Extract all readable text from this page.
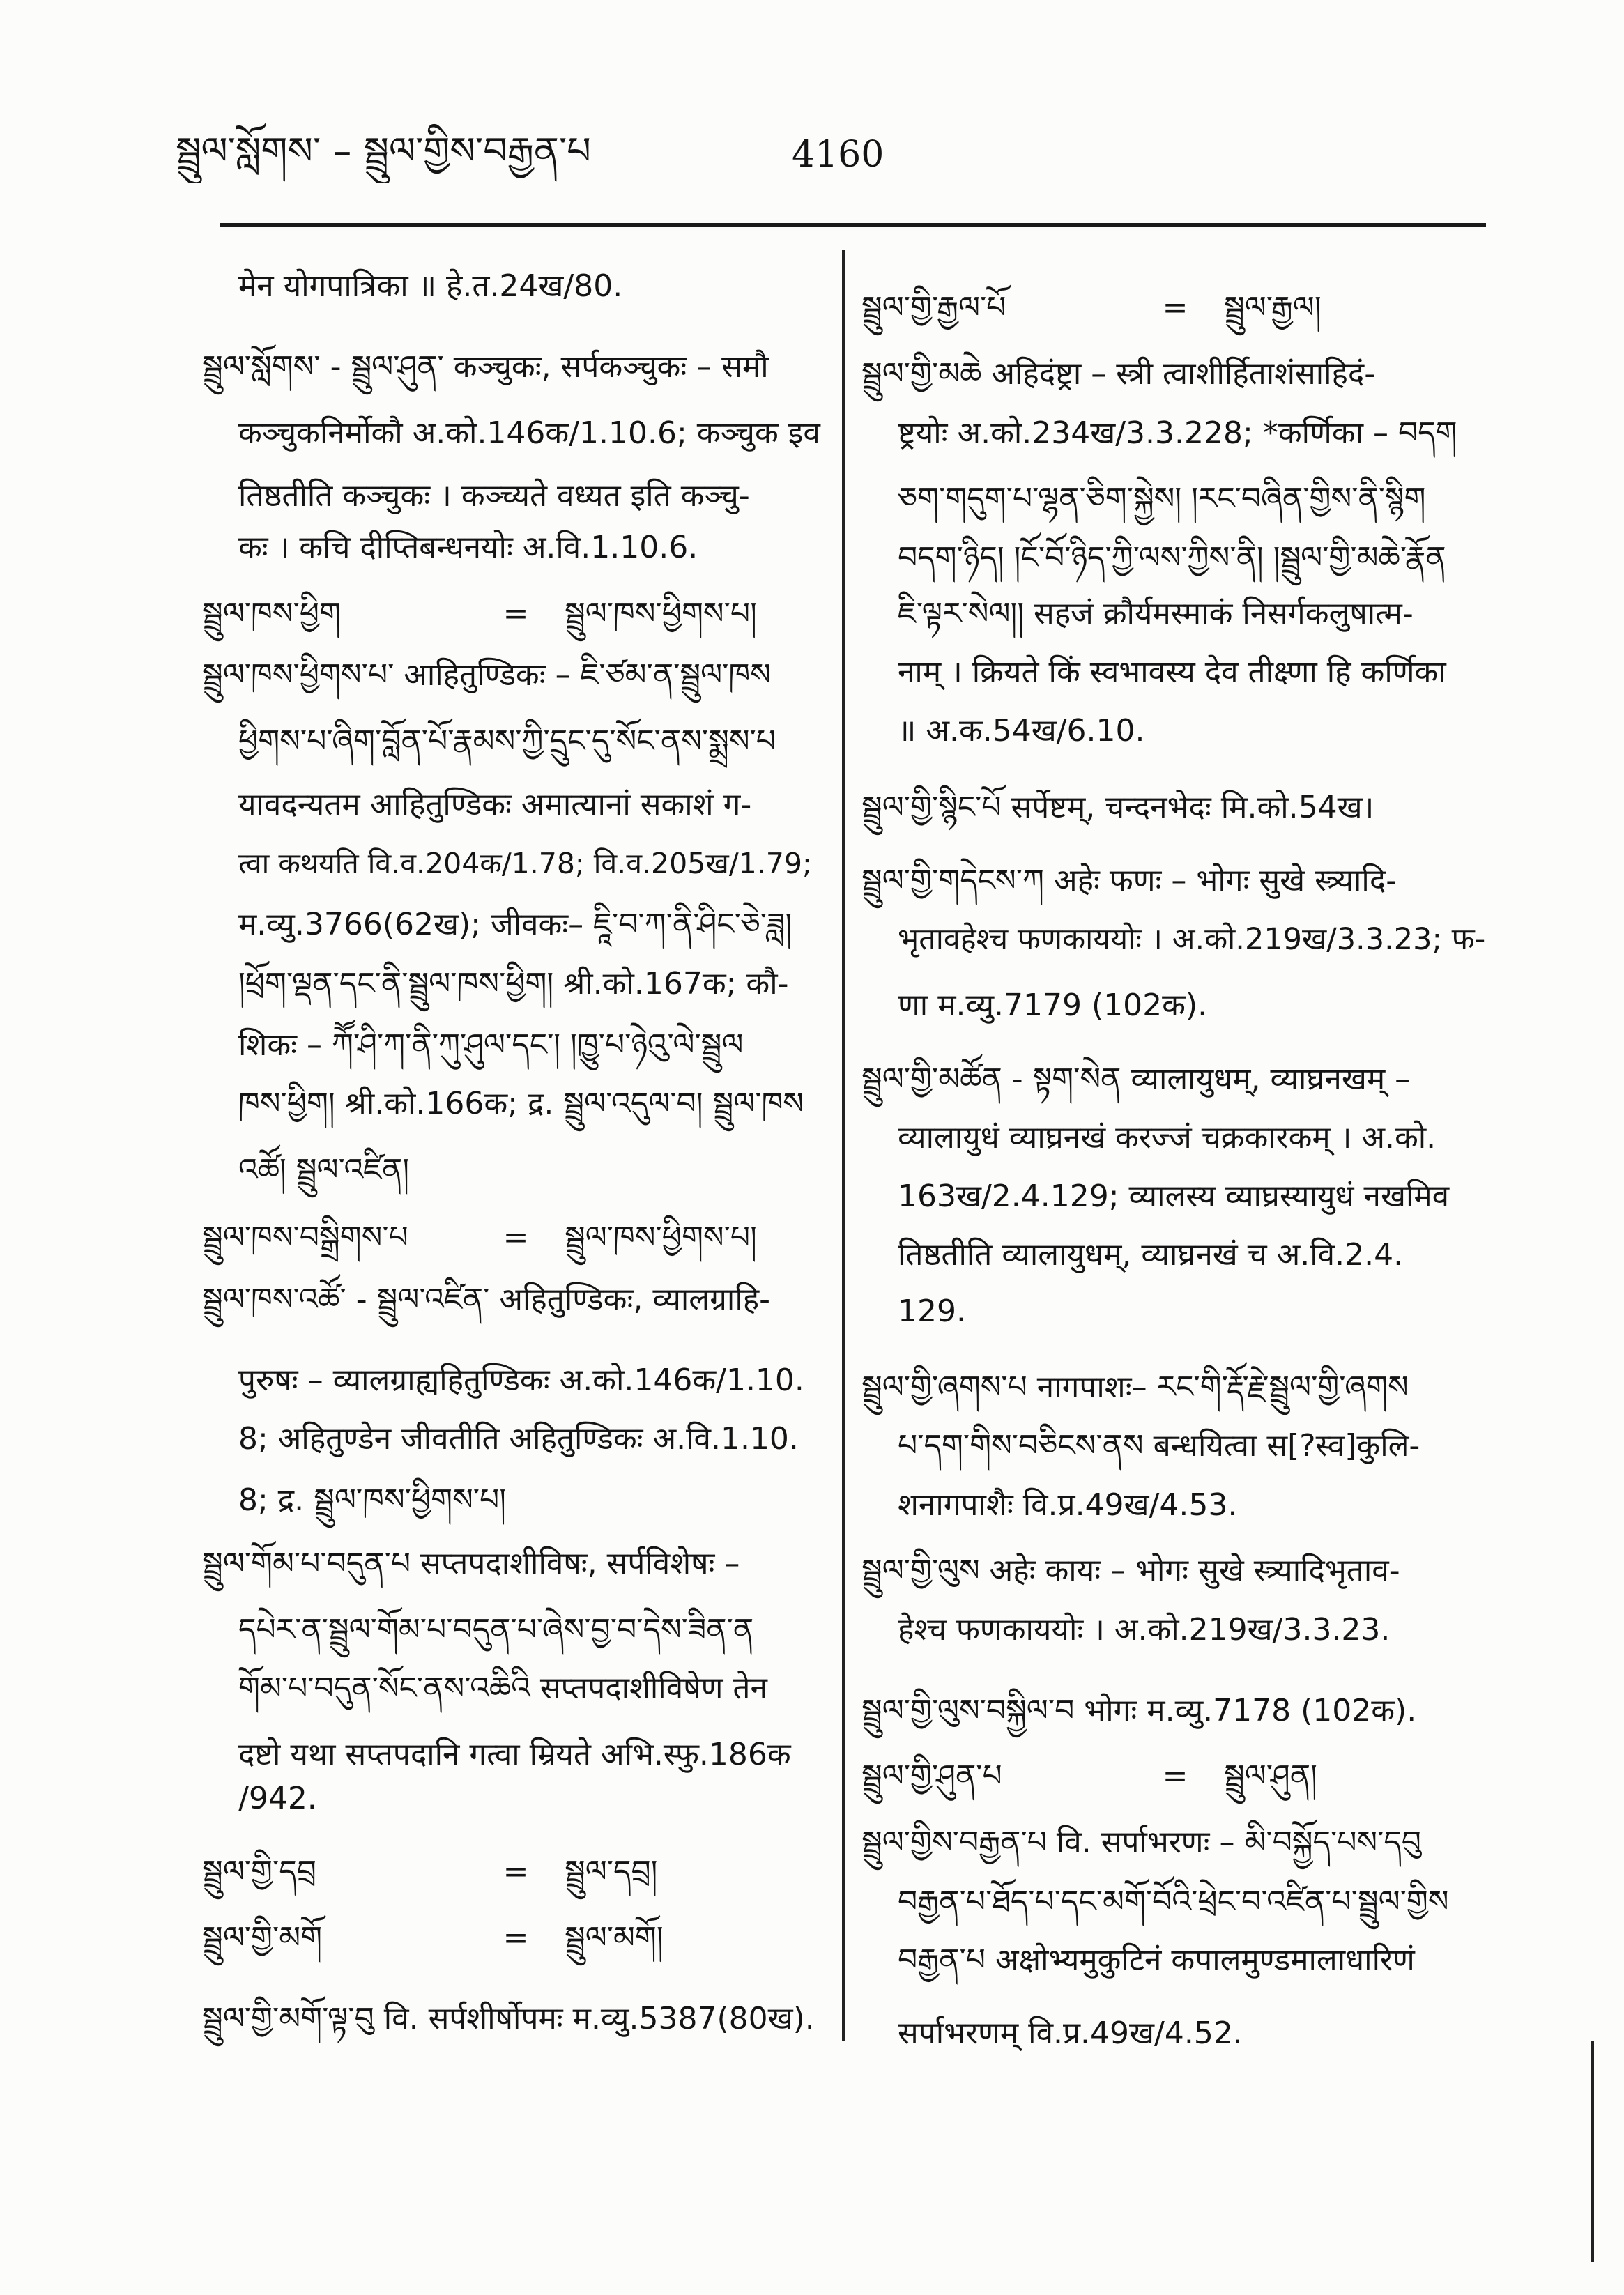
སྦྲུལ་སློགས་ – སྦྲུལ་གྱིས་བརྒྱན་པ	4160
मेन योगपात्रिका ॥ हे.त.24ख/80.
སྦྲུལ་སློགས་ - སྦྲུལ་ཤུན་ कञ्चुकः, सर्पकञ्चुकः – समौ
कञ्चुकनिर्मोकौ अ.को.146क/1.10.6; कञ्चुक इव
तिष्ठतीति कञ्चुकः । कञ्च्यते वध्यत इति कञ्चु-
कः । कचि दीप्तिबन्धनयोः अ.वि.1.10.6.
སྦྲུལ་ཁས་ཕྱིག	= སྦྲུལ་ཁས་ཕྱིགས་པ།
སྦྲུལ་ཁས་ཕྱིགས་པ་ आहितुण्डिकः – ཇི་ཙམ་ན་སྦྲུལ་ཁས
ཕྱིགས་པ་ཞིག་བློན་པོ་རྣམས་ཀྱི་དྲུང་དུ་སོང་ནས་སྨྲས་པ
यावदन्यतम आहितुण्डिकः अमात्यानां सकाशं ग-
त्वा कथयति वि.व.204क/1.78; वि.व.205ख/1.79;
म.व्यु.3766(62ख); जीवकः– ཇཱི་བ་ཀ་ནི་ཤིང་ཅེ་ཟླ།
།ཕྲོག་ལྡན་དང་ནི་སྦྲུལ་ཁས་ཕྱིག། श्री.को.167क; कौ-
शिकः – ཀཽ་ཤི་ཀ་ནི་ཀུ་ཤུལ་དང་། །ཁྱུ་པ་ཉེའུ་ལེ་སྦྲུལ
ཁས་ཕྱིག། श्री.को.166क; द्र. སྦྲུལ་འདུལ་བ། སྦྲུལ་ཁས
འཚོ། སྦྲུལ་འཛིན།
སྦྲུལ་ཁས་བསྒྲིགས་པ	= སྦྲུལ་ཁས་ཕྱིགས་པ།
སྦྲུལ་ཁས་འཚོ་ - སྦྲུལ་འཛིན་ अहितुण्डिकः, व्यालग्राहि-
पुरुषः – व्यालग्राह्यहितुण्डिकः अ.को.146क/1.10.
8; अहितुण्डेन जीवतीति अहितुण्डिकः अ.वि.1.10.
8; द्र. སྦྲུལ་ཁས་ཕྱིགས་པ།
སྦྲུལ་གོམ་པ་བདུན་པ सप्तपदाशीविषः, सर्पविशेषः –
དཔེར་ན་སྦྲུལ་གོམ་པ་བདུན་པ་ཞེས་བྱ་བ་དེས་ཟིན་ན
གོམ་པ་བདུན་སོང་ནས་འཆིའི सप्तपदाशीविषेण तेन
दष्टो यथा सप्तपदानि गत्वा म्रियते अभि.स्फु.186क
/942.
སྦྲུལ་གྱི་དབྲ	= སྦྲུལ་དབྲ།
སྦྲུལ་གྱི་མགོ	= སྦྲུལ་མགོ།
སྦྲུལ་གྱི་མགོ་ལྟ་བུ वि. सर्पशीर्षोपमः म.व्यु.5387(80ख).
སྦྲུལ་གྱི་རྒྱལ་པོ	= སྦྲུལ་རྒྱལ།
སྦྲུལ་གྱི་མཆེ अहिदंष्ट्रा – स्त्री त्वाशीर्हिताशंसाहिदं-
ष्ट्रयोः अ.को.234ख/3.3.228; *कर्णिका – བདག
ཅག་གདུག་པ་ལྷན་ཅིག་སྐྱེས། །རང་བཞིན་གྱིས་ནི་སྙིག
བདག་ཉིད། །ངོ་བོ་ཉིད་ཀྱི་ལས་ཀྱིས་ནི། །སྦྲུལ་གྱི་མཆེ་རྣོན
ཇི་ལྟར་སེལ།། सहजं क्रौर्यमस्माकं निसर्गकलुषात्म-
नाम् । क्रियते किं स्वभावस्य देव तीक्ष्णा हि कर्णिका
॥ अ.क.54ख/6.10.
སྦྲུལ་གྱི་སྙིང་པོ सर्पेष्टम्, चन्दनभेदः मि.को.54ख।
སྦྲུལ་གྱི་གདེངས་ཀ अहेः फणः – भोगः सुखे स्त्र्यादि-
भृतावहेश्च फणकाययोः । अ.को.219ख/3.3.23; फ-
णा म.व्यु.7179 (102क).
སྦྲུལ་གྱི་མཚོན - སྟག་སེན व्यालायुधम्, व्याघ्रनखम् –
व्यालायुधं व्याघ्रनखं करज्जं चक्रकारकम् । अ.को.
163ख/2.4.129; व्यालस्य व्याघ्रस्यायुधं नखमिव
तिष्ठतीति व्यालायुधम्, व्याघ्रनखं च अ.वि.2.4.
129.
སྦྲུལ་གྱི་ཞགས་པ नागपाशः– རང་གི་རྡོ་རྗེ་སྦྲུལ་གྱི་ཞགས
པ་དག་གིས་བཅིངས་ནས बन्धयित्वा स[?स्व]कुलि-
शनागपाशैः वि.प्र.49ख/4.53.
སྦྲུལ་གྱི་ལུས अहेः कायः – भोगः सुखे स्त्र्यादिभृताव-
हेश्च फणकाययोः । अ.को.219ख/3.3.23.
སྦྲུལ་གྱི་ལུས་བསྐྱིལ་བ भोगः म.व्यु.7178 (102क).
སྦྲུལ་གྱི་ཤུན་པ	= སྦྲུལ་ཤུན།
སྦྲུལ་གྱིས་བརྒྱན་པ वि. सर्पाभरणः – མི་བསྐྱོད་པས་དབུ
བརྒྱན་པ་ཐོད་པ་དང་མགོ་བོའི་ཕྲེང་བ་འཛིན་པ་སྦྲུལ་གྱིས
བརྒྱན་པ अक्षोभ्यमुकुटिनं कपालमुण्डमालाधारिणं
सर्पाभरणम् वि.प्र.49ख/4.52.
